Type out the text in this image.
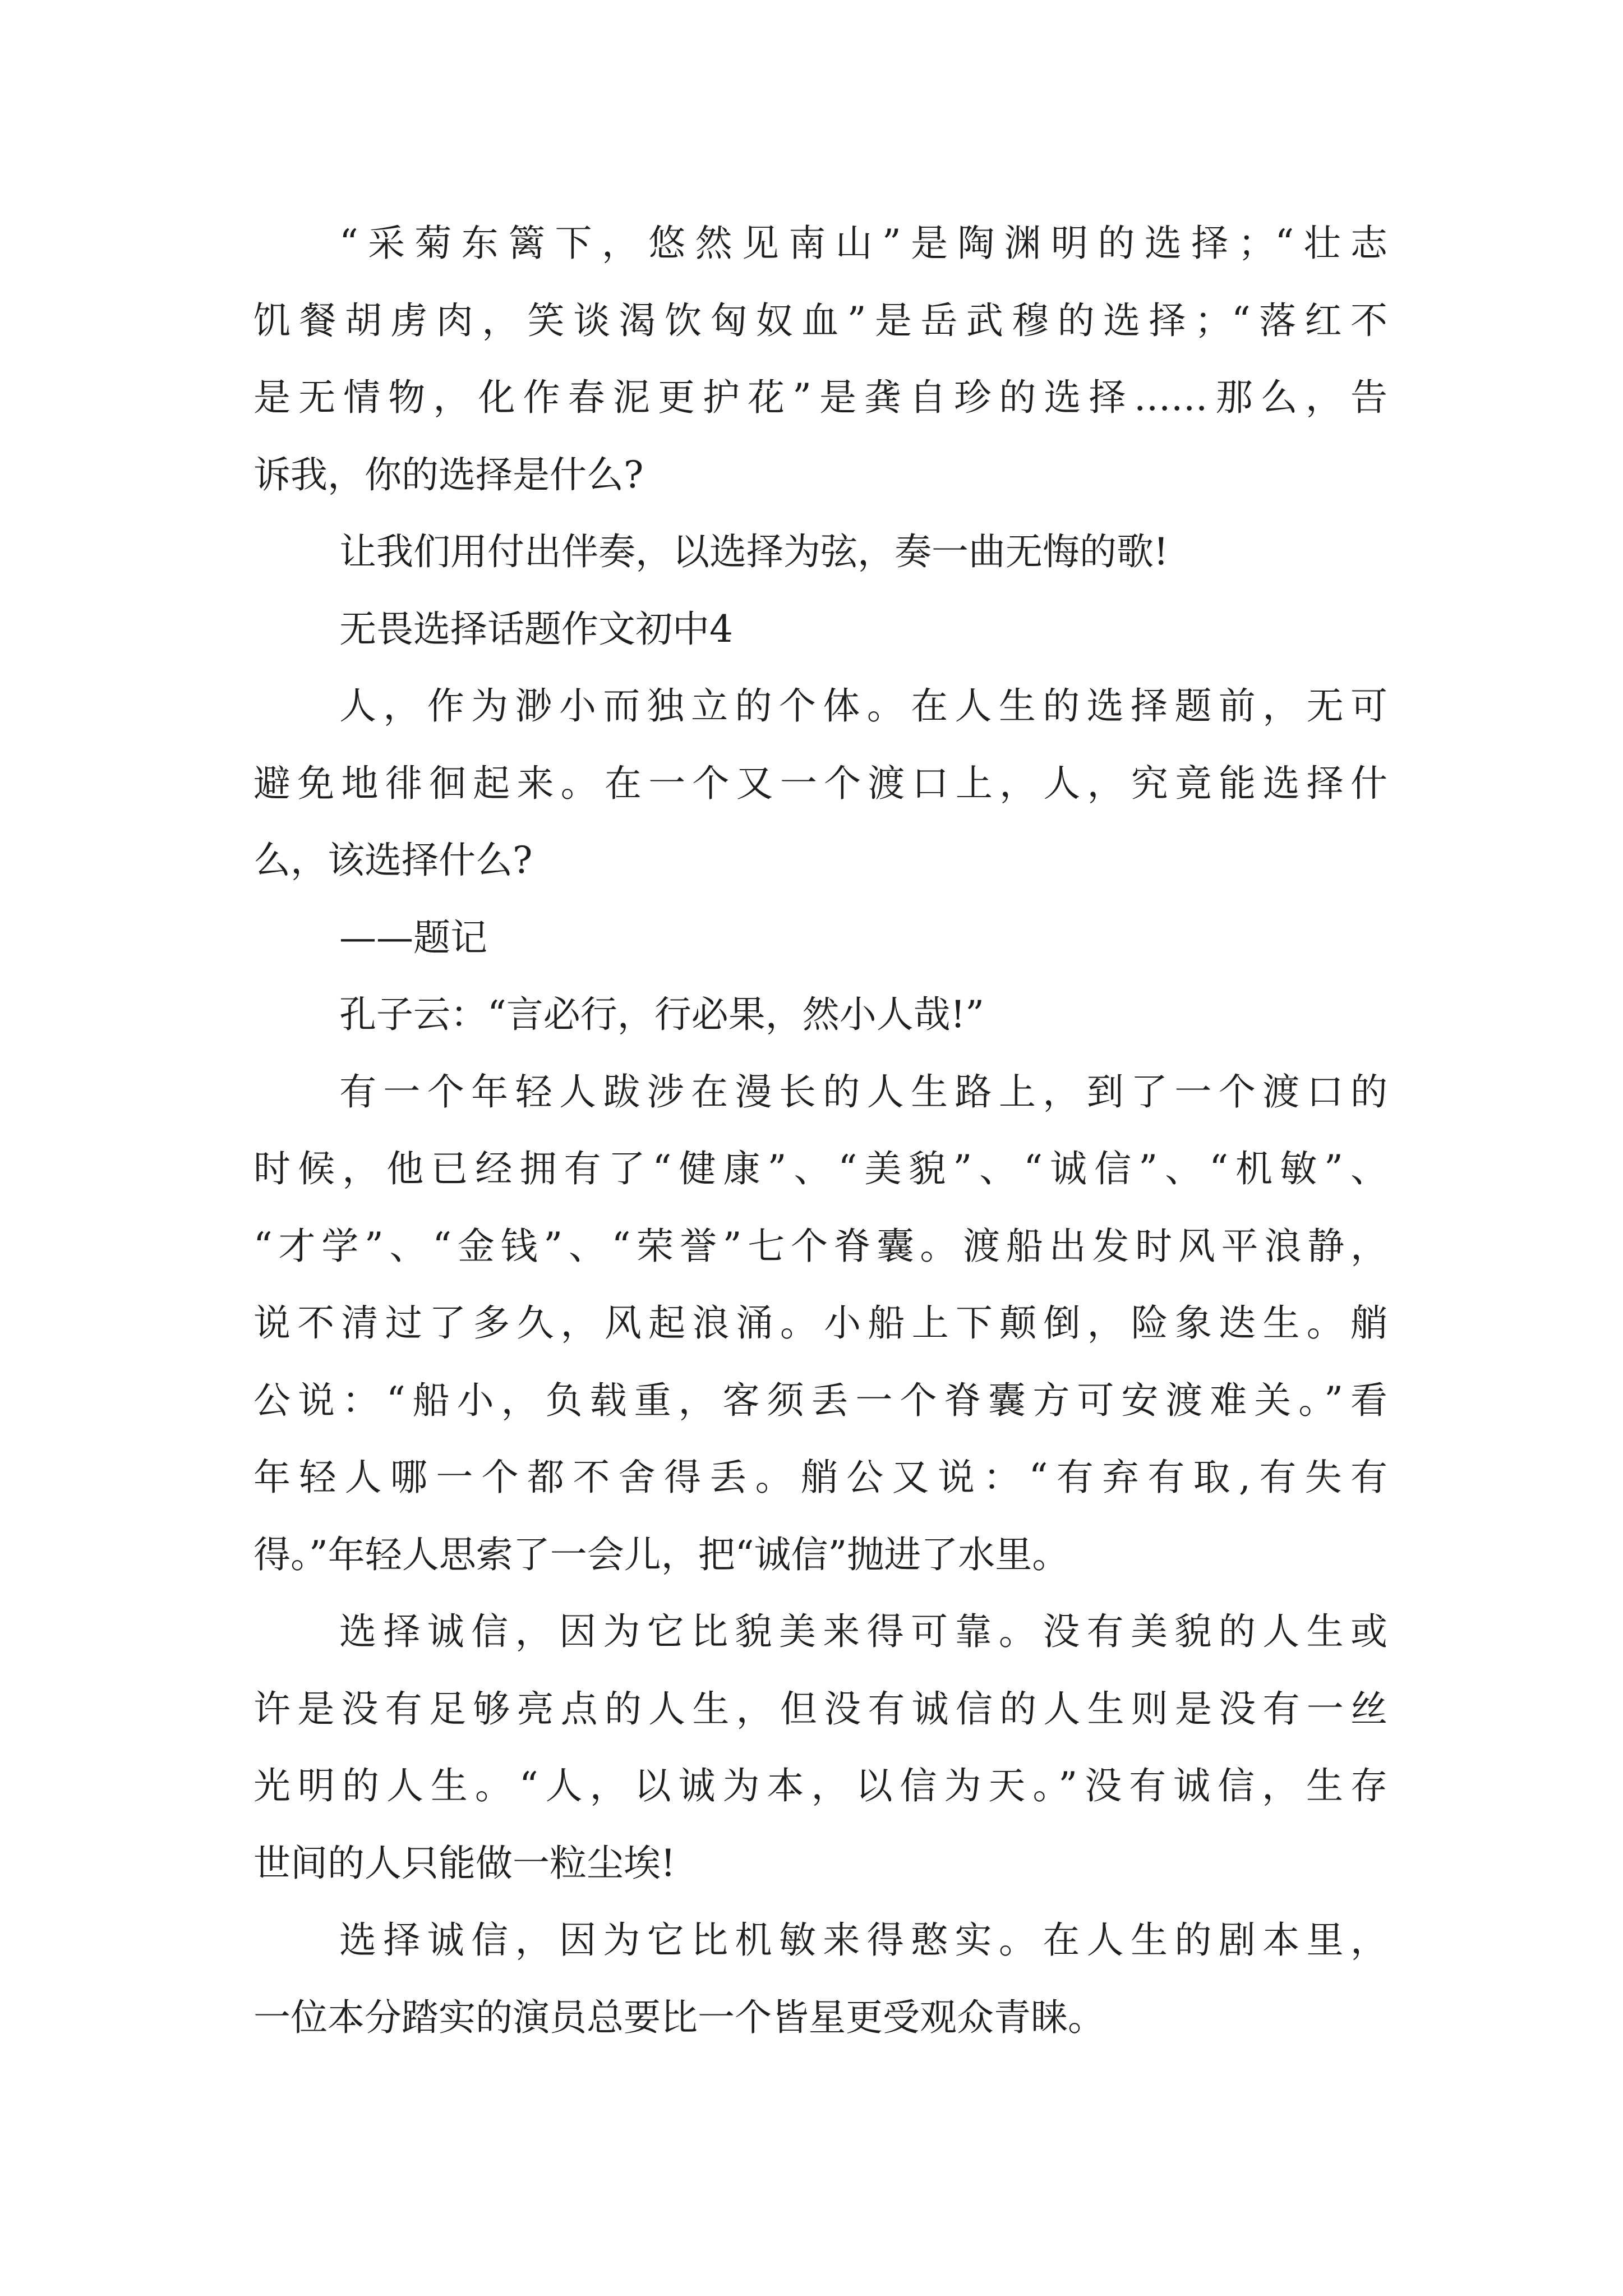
“采菊东篱下，悠然见南山”是陶渊明的选择；“壮志
饥餐胡虏肉，笑谈渴饮匈奴血”是岳武穆的选择；“落红不
是无情物，化作春泥更护花”是龚自珍的选择……那么，告
诉我，你的选择是什么?
让我们用付出伴奏，以选择为弦，奏一曲无悔的歌!
无畏选择话题作文初中4
人，作为渺小而独立的个体。在人生的选择题前，无可
避免地徘徊起来。在一个又一个渡口上，人，究竟能选择什
么，该选择什么?
——题记
孔子云：“言必行，行必果，然小人哉!”
有一个年轻人跋涉在漫长的人生路上，到了一个渡口的
时候，他已经拥有了“健康”、“美貌”、“诚信”、“机敏”、
“才学”、“金钱”、“荣誉”七个脊囊。渡船出发时风平浪静，
说不清过了多久，风起浪涌。小船上下颠倒，险象迭生。艄
公说：“船小，负载重，客须丢一个脊囊方可安渡难关。”看
年轻人哪一个都不舍得丢。艄公又说：“有弃有取,有失有
得。”年轻人思索了一会儿，把“诚信”抛进了水里。
选择诚信，因为它比貌美来得可靠。没有美貌的人生或
许是没有足够亮点的人生，但没有诚信的人生则是没有一丝
光明的人生。“人，以诚为本，以信为天。”没有诚信，生存
世间的人只能做一粒尘埃!
选择诚信，因为它比机敏来得憨实。在人生的剧本里，
一位本分踏实的演员总要比一个皆星更受观众青睐。
